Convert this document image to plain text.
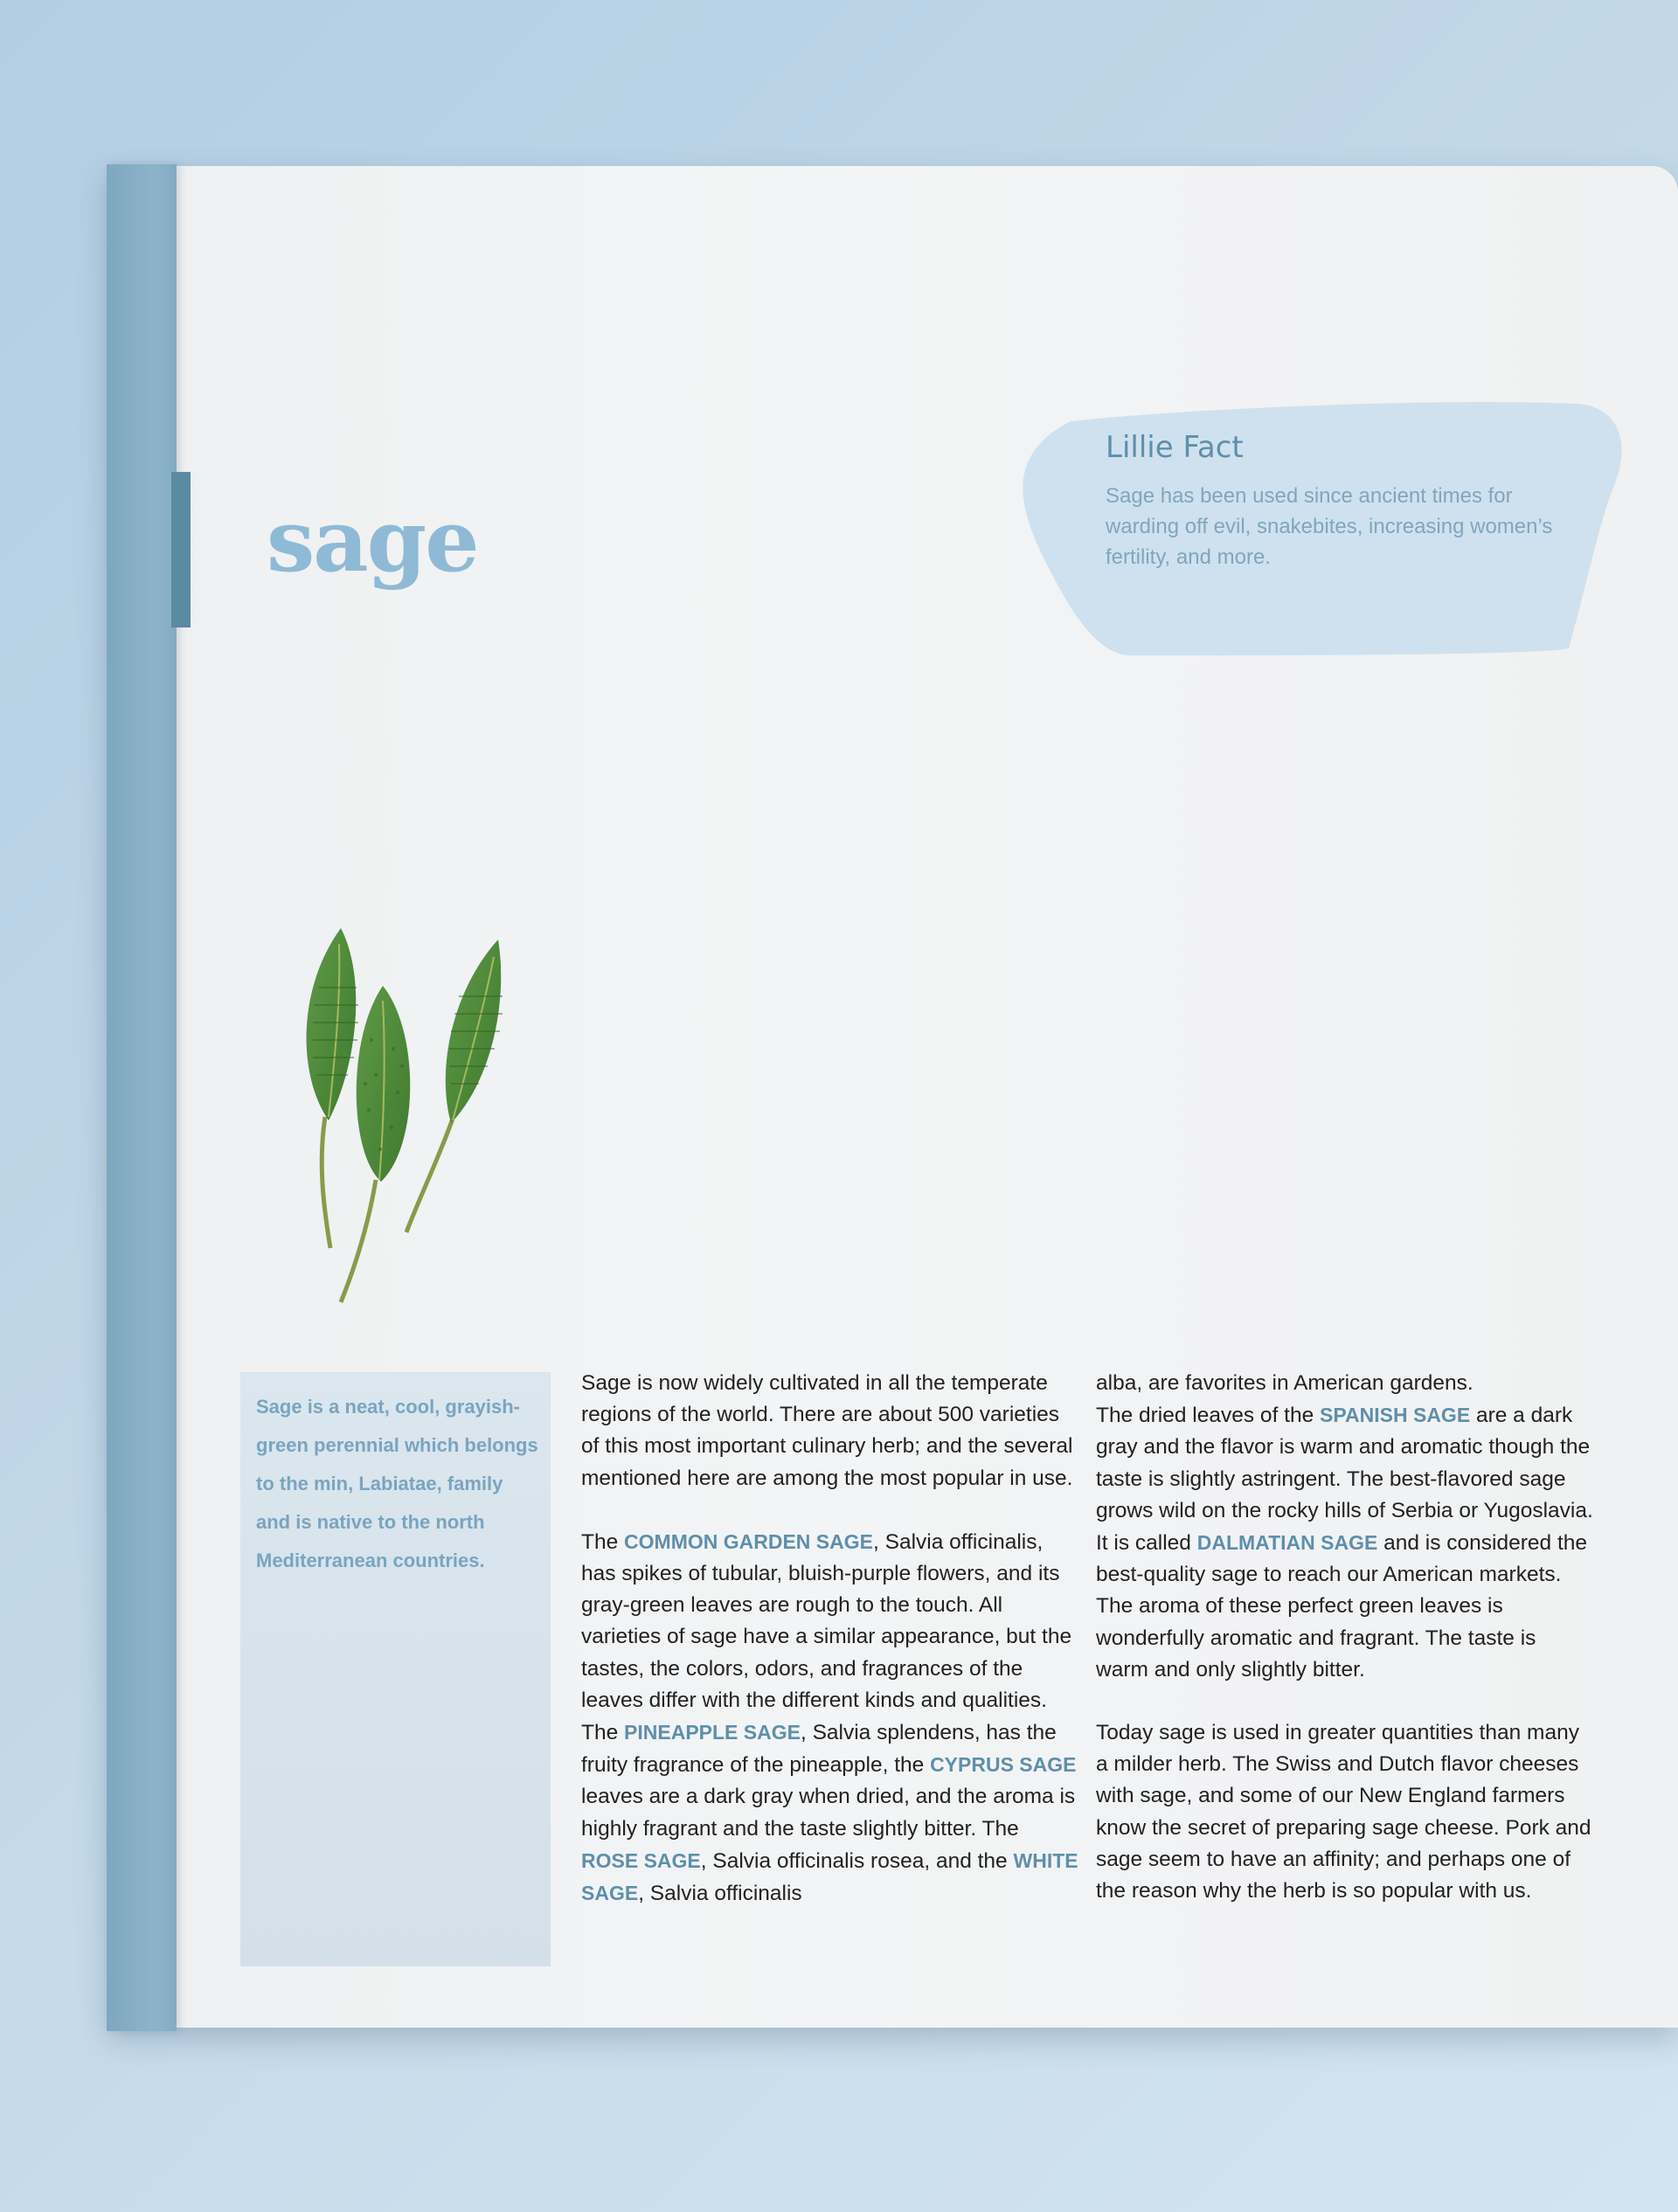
sage
Lillie Fact
Sage has been used since ancient times for warding off evil, snakebites, increasing women’s fertility, and more.
Sage is a neat, cool, grayish-green perennial which belongs to the min, Labiatae, family and is native to the north Mediterranean countries.

Sage is now widely cultivated in all the temperate regions of the world. There are about 500 varieties of this most important culinary herb; and the several mentioned here are among the most popular in use.

The COMMON GARDEN SAGE, Salvia officinalis, has spikes of tubular, bluish-purple flowers, and its gray-green leaves are rough to the touch. All varieties of sage have a similar appearance, but the tastes, the colors, odors, and fragrances of the leaves differ with the different kinds and qualities.

The PINEAPPLE SAGE, Salvia splendens, has the fruity fragrance of the pineapple, the CYPRUS SAGE leaves are a dark gray when dried, and the aroma is highly fragrant and the taste slightly bitter. The ROSE SAGE, Salvia officinalis rosea, and the WHITE SAGE, Salvia officinalis

alba, are favorites in American gardens.

The dried leaves of the SPANISH SAGE are a dark gray and the flavor is warm and aromatic though the taste is slightly astringent. The best-flavored sage grows wild on the rocky hills of Serbia or Yugoslavia. It is called DALMATIAN SAGE and is considered the best-quality sage to reach our American markets. The aroma of these perfect green leaves is wonderfully aromatic and fragrant. The taste is warm and only slightly bitter.

Today sage is used in greater quantities than many a milder herb. The Swiss and Dutch flavor cheeses with sage, and some of our New England farmers know the secret of preparing sage cheese. Pork and sage seem to have an affinity; and perhaps one of the reason why the herb is so popular with us.
